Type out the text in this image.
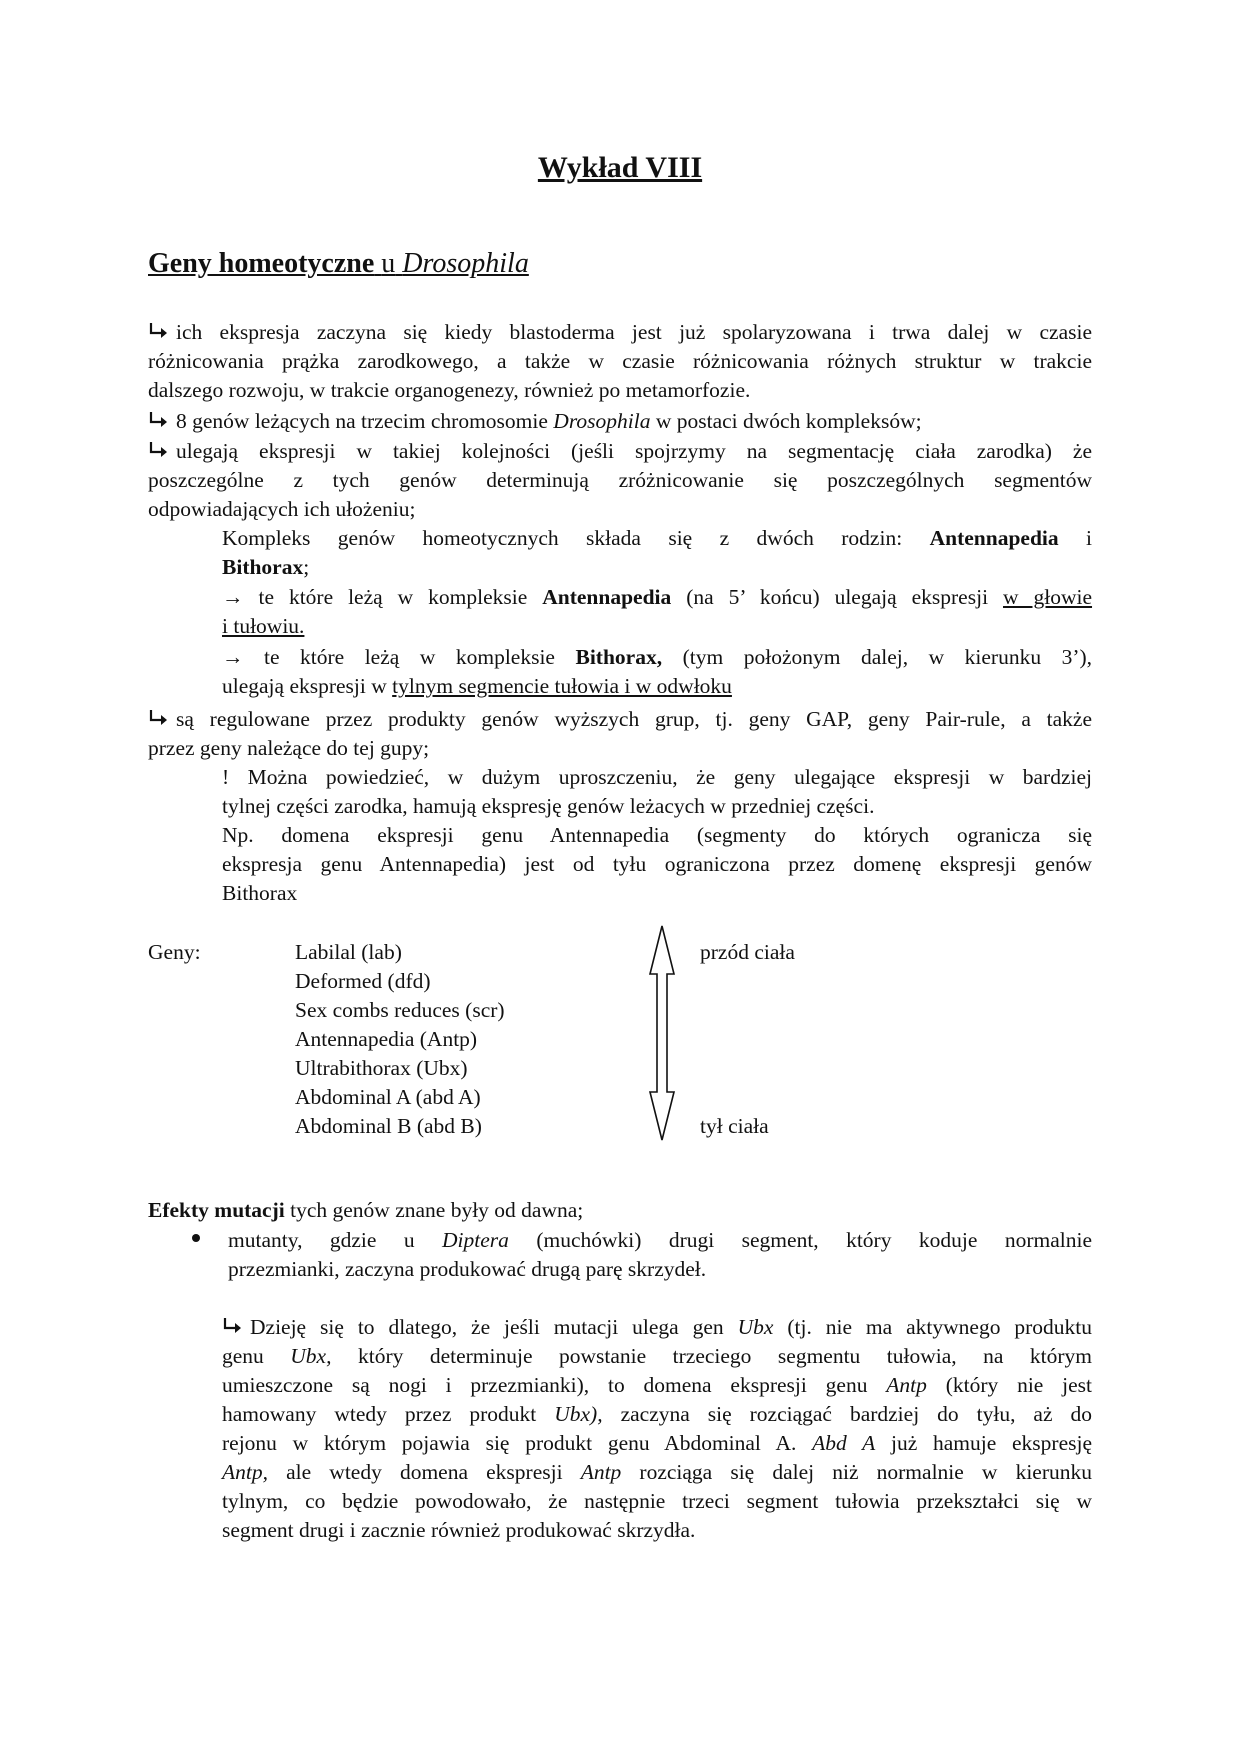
Wykład VIII
Geny homeotyczne u Drosophila
ich ekspresja zaczyna się kiedy blastoderma jest już spolaryzowana i trwa dalej w czasie
różnicowania prążka zarodkowego, a także w czasie różnicowania różnych struktur w trakcie
dalszego rozwoju, w trakcie organogenezy, również po metamorfozie.
8 genów leżących na trzecim chromosomie Drosophila w postaci dwóch kompleksów;
ulegają ekspresji w takiej kolejności (jeśli spojrzymy na segmentację ciała zarodka) że
poszczególne z tych genów determinują zróżnicowanie się poszczególnych segmentów
odpowiadających ich ułożeniu;
Kompleks genów homeotycznych składa się z dwóch rodzin: Antennapedia i
Bithorax;
→ te które leżą w kompleksie Antennapedia (na 5’ końcu) ulegają ekspresji w głowie
i tułowiu.
→ te które leżą w kompleksie Bithorax, (tym położonym dalej, w kierunku 3’),
ulegają ekspresji w tylnym segmencie tułowia i w odwłoku
są regulowane przez produkty genów wyższych grup, tj. geny GAP, geny Pair-rule, a także
przez geny należące do tej gupy;
! Można powiedzieć, w dużym uproszczeniu, że geny ulegające ekspresji w bardziej
tylnej części zarodka, hamują ekspresję genów leżacych w przedniej części.
Np. domena ekspresji genu Antennapedia (segmenty do których ogranicza się
ekspresja genu Antennapedia) jest od tyłu ograniczona przez domenę ekspresji genów
Bithorax
Geny:	Labilal (lab)
Deformed (dfd)
Sex combs reduces (scr)
Antennapedia (Antp)
Ultrabithorax (Ubx)
Abdominal A (abd A)
Abdominal B (abd B)
przód ciała
tył ciała
Efekty mutacji tych genów znane były od dawna;
mutanty, gdzie u Diptera (muchówki) drugi segment, który koduje normalnie
przezmianki, zaczyna produkować drugą parę skrzydeł.
Dzieję się to dlatego, że jeśli mutacji ulega gen Ubx (tj. nie ma aktywnego produktu
genu Ubx, który determinuje powstanie trzeciego segmentu tułowia, na którym
umieszczone są nogi i przezmianki), to domena ekspresji genu Antp (który nie jest
hamowany wtedy przez produkt Ubx), zaczyna się rozciągać bardziej do tyłu, aż do
rejonu w którym pojawia się produkt genu Abdominal A. Abd A już hamuje ekspresję
Antp, ale wtedy domena ekspresji Antp rozciąga się dalej niż normalnie w kierunku
tylnym, co będzie powodowało, że następnie trzeci segment tułowia przekształci się w
segment drugi i zacznie również produkować skrzydła.
